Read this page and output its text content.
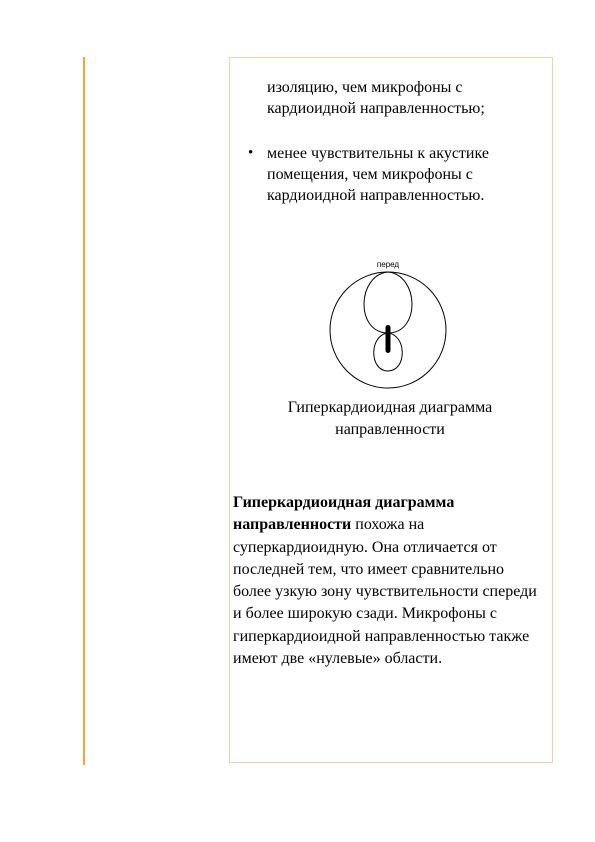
изоляцию, чем микрофоны с кардиоидной направленностью;

• менее чувствительны к акустике помещения, чем микрофоны с кардиоидной направленностью.

перед

Гиперкардиоидная диаграмма направленности

Гиперкардиоидная диаграмма направленности похожа на суперкардиоидную. Она отличается от последней тем, что имеет сравнительно более узкую зону чувствительности спереди и более широкую сзади. Микрофоны с гиперкардиоидной направленностью также имеют две «нулевые» области.
